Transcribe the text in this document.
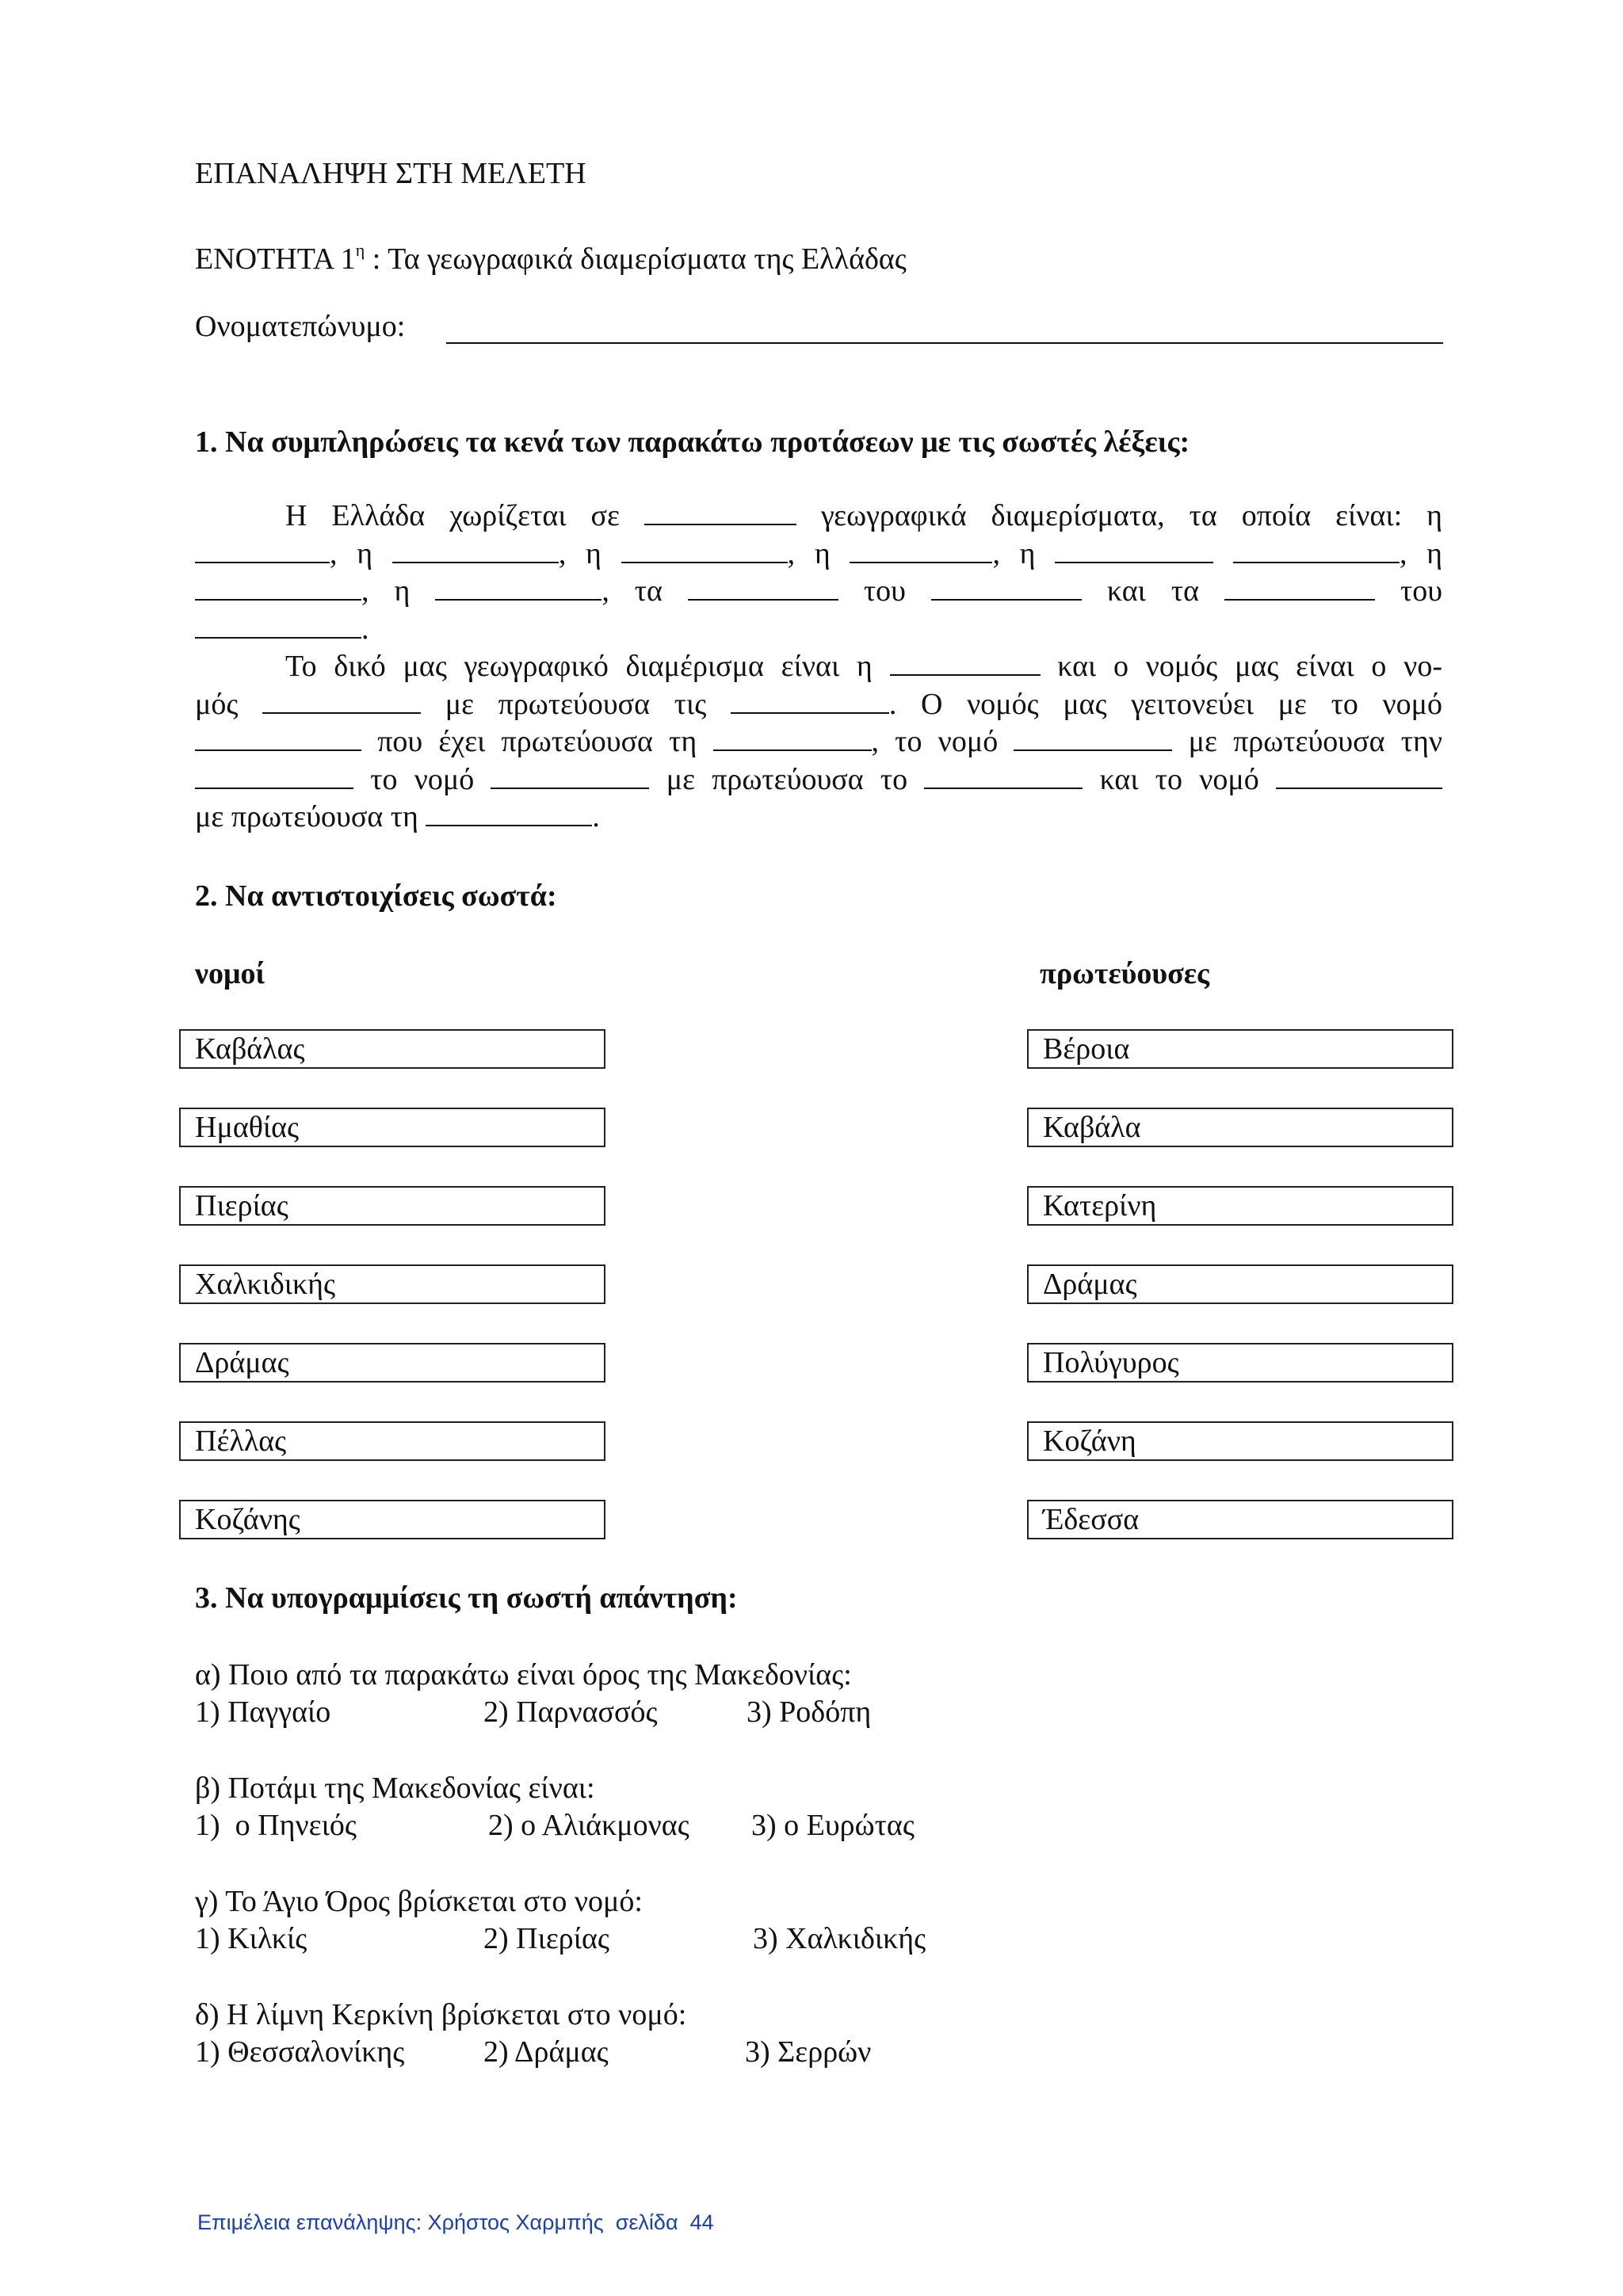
ΕΠΑΝΑΛΗΨΗ ΣΤΗ ΜΕΛΕΤΗ
ΕΝΟΤΗΤΑ $1^\eta$ : Τα γεωγραφικά διαμερίσματα της Ελλάδας
Ονοματεπώνυμο:
1. Να συμπληρώσεις τα κενά των παρακάτω προτάσεων με τις σωστές λέξεις:
   Η Ελλάδα χωρίζεται σε	γεωγραφικά διαμερίσματα, τα οποία είναι: η
, η	, η	, η	, η	, η
, η	, τα	του	και τα	του
.
   Το δικό μας γεωγραφικό διαμέρισμα είναι η	και ο νομός μας είναι ο νο-
μός	με πρωτεύουσα τις	. Ο νομός μας γειτονεύει με το νομό
που έχει πρωτεύουσα τη	, το νομό	με πρωτεύουσα την
το νομό	με πρωτεύουσα το	και το νομό
με πρωτεύουσα τη	.
2. Να αντιστοιχίσεις σωστά:
νομοί	πρωτεύουσες
Καβάλας
Ημαθίας
Πιερίας
Χαλκιδικής
Δράμας
Πέλλας
Κοζάνης
Βέροια
Καβάλα
Κατερίνη
Δράμας
Πολύγυρος
Κοζάνη
Έδεσσα
3. Να υπογραμμίσεις τη σωστή απάντηση:
α) Ποιο από τα παρακάτω είναι όρος της Μακεδονίας:
1) Παγγαίο	2) Παρνασσός	3) Ροδόπη
β) Ποτάμι της Μακεδονίας είναι:
1)  ο Πηνειός	2) ο Αλιάκμονας 3) ο Ευρώτας
γ) Το Άγιο Όρος βρίσκεται στο νομό:
1) Κιλκίς	2) Πιερίας	3) Χαλκιδικής
δ) Η λίμνη Κερκίνη βρίσκεται στο νομό:
1) Θεσσαλονίκης	2) Δράμας	3) Σερρών
Επιμέλεια επανάληψης: Χρήστος Χαρμπής  σελίδα  44
